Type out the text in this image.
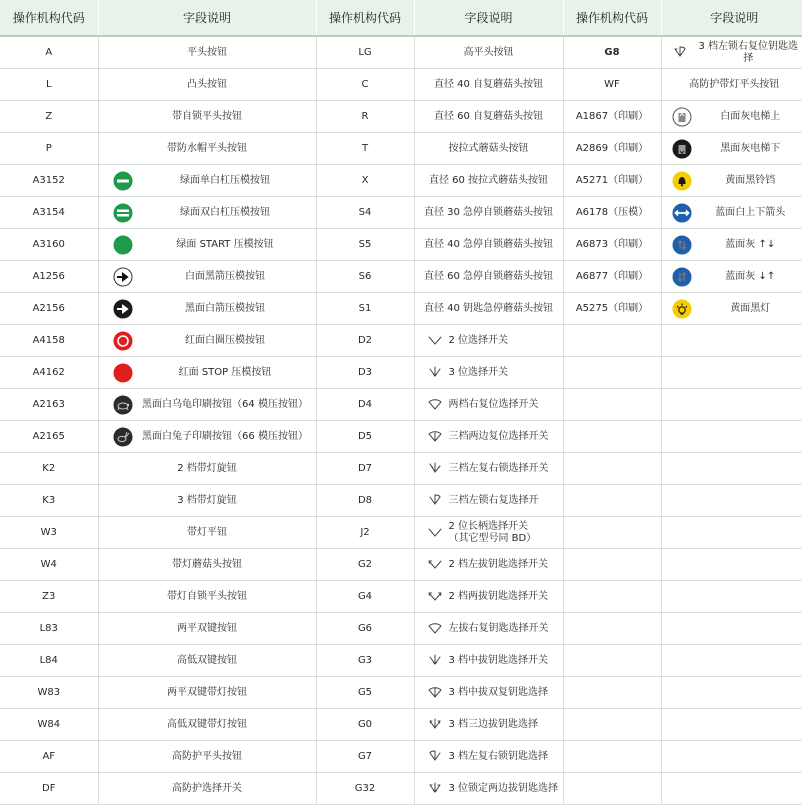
操作机构代码	字段说明	操作机构代码	字段说明	操作机构代码	字段说明
A	平头按钮	LG	高平头按钮	G8	3 档左锁右复位钥匙选择

L	凸头按钮	C	直径 40 自复蘑菇头按钮	WF	高防护带灯平头按钮
Z	带自锁平头按钮	R	直径 60 自复蘑菇头按钮	A1867（印刷）	白面灰电梯上

P	带防水帽平头按钮	T	按拉式蘑菇头按钮	A2869（印刷）	黑面灰电梯下

A3152	绿面单白杠压模按钮	X	直径 60 按拉式蘑菇头按钮	A5271（印刷）	黄面黑铃铛

A3154	绿面双白杠压模按钮	S4	直径 30 急停自锁蘑菇头按钮	A6178（压模）	蓝面白上下箭头

A3160	绿面 START 压模按钮	S5	直径 40 急停自锁蘑菇头按钮	A6873（印刷）	蓝面灰 ↑↓

A1256	白面黑箭压模按钮	S6	直径 60 急停自锁蘑菇头按钮	A6877（印刷）	蓝面灰 ↓↑

A2156	黑面白箭压模按钮	S1	直径 40 钥匙急停蘑菇头按钮	A5275（印刷）	黄面黑灯

A4158	红面白圈压模按钮	D2	2 位选择开关		

A4162	红面 STOP 压模按钮	D3	3 位选择开关		

A2163	黑面白乌龟印刷按钮（64 模压按钮）	D4	两档右复位选择开关		

A2165	黑面白兔子印刷按钮（66 模压按钮）	D5	三档两边复位选择开关		

K2	2 档带灯旋钮	D7	三档左复右锁选择开关		

K3	3 档带灯旋钮	D8	三档左锁右复选择开		

W3	带灯平钮	J2	2 位长柄选择开关
（其它型号同 BD）		

W4	带灯蘑菇头按钮	G2	2 档左拔钥匙选择开关		

Z3	带灯自锁平头按钮	G4	2 档两拔钥匙选择开关		

L83	两平双键按钮	G6	左拔右复钥匙选择开关		

L84	高低双键按钮	G3	3 档中拔钥匙选择开关		

W83	两平双键带灯按钮	G5	3 档中拔双复钥匙选择		

W84	高低双键带灯按钮	G0	3 档三边拔钥匙选择		

AF	高防护平头按钮	G7	3 档左复右锁钥匙选择		

DF	高防护选择开关	G32	3 位锁定两边拔钥匙选择		
